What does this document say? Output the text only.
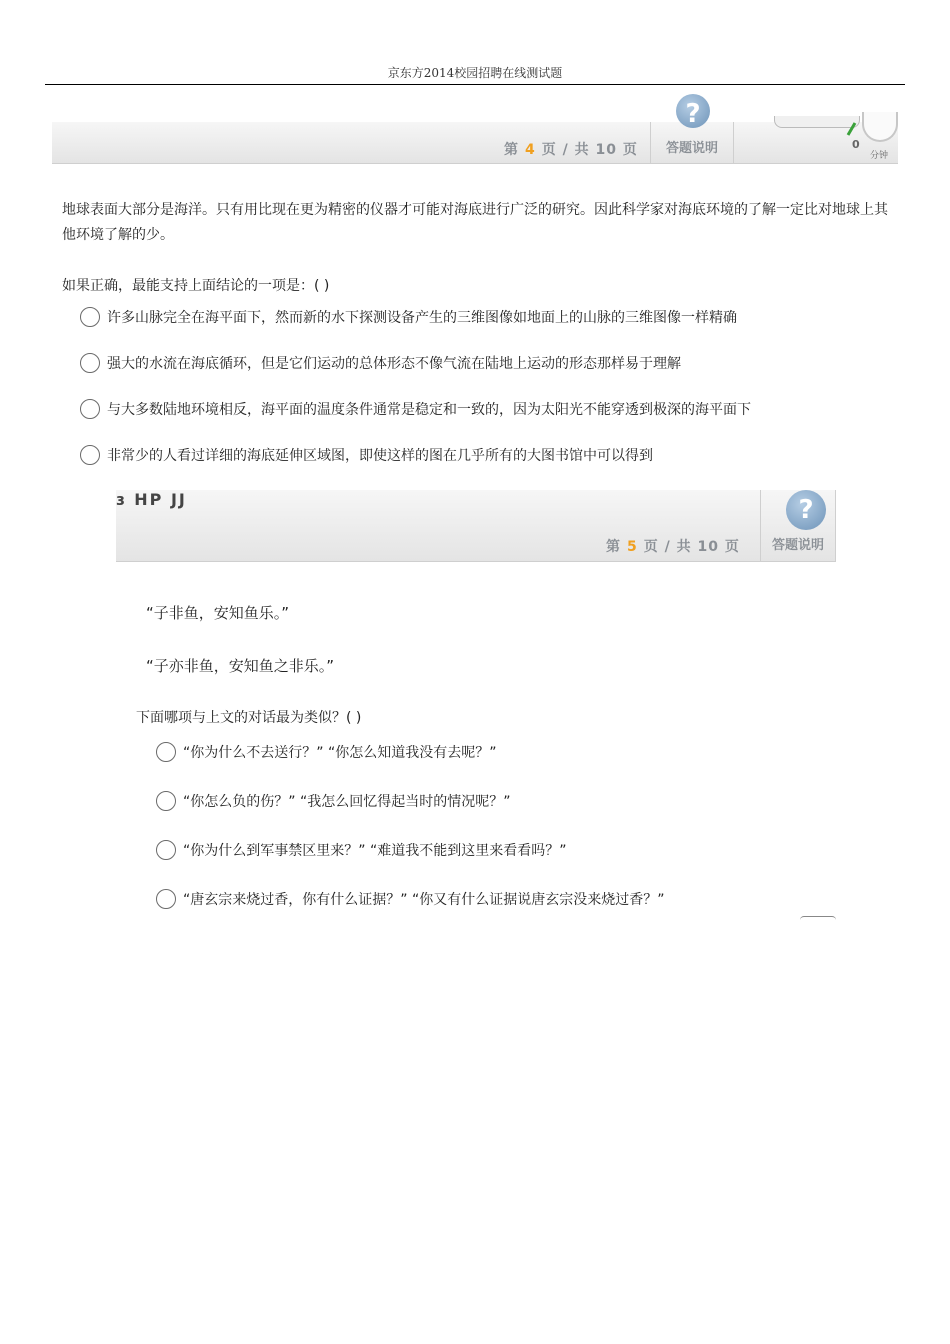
京东方2014校园招聘在线测试题
?
第 4 页 / 共 10 页	答题说明	0
分钟
地球表面大部分是海洋。只有用比现在更为精密的仪器才可能对海底进行广泛的研究。因此科学家对海底环境的了解一定比对地球上其他环境了解的少。
如果正确，最能支持上面结论的一项是：( )
许多山脉完全在海平面下，然而新的水下探测设备产生的三维图像如地面上的山脉的三维图像一样精确
强大的水流在海底循环，但是它们运动的总体形态不像气流在陆地上运动的形态那样易于理解
与大多数陆地环境相反，海平面的温度条件通常是稳定和一致的，因为太阳光不能穿透到极深的海平面下
非常少的人看过详细的海底延伸区域图，即使这样的图在几乎所有的大图书馆中可以得到
ɜ HP ЈЈ
第 5 页 / 共 10 页	答题说明
?
“子非鱼，安知鱼乐。”
“子亦非鱼，安知鱼之非乐。”
下面哪项与上文的对话最为类似？( )
“你为什么不去送行？” “你怎么知道我没有去呢？”
“你怎么负的伤？” “我怎么回忆得起当时的情况呢？”
“你为什么到军事禁区里来？” “难道我不能到这里来看看吗？”
“唐玄宗来烧过香，你有什么证据？” “你又有什么证据说唐玄宗没来烧过香？”
